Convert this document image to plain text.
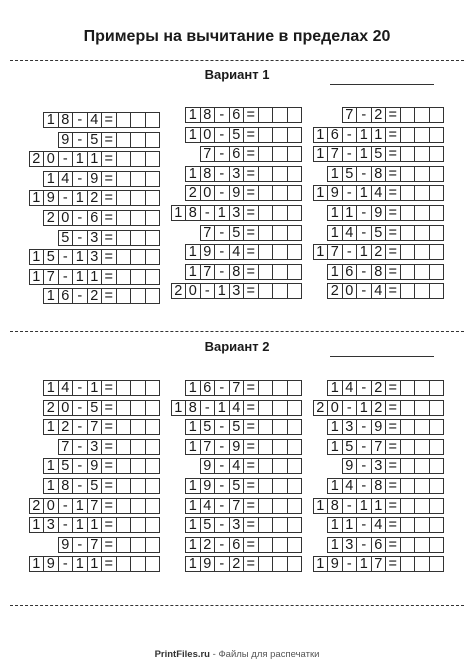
Примеры на вычитание в пределах 20
Вариант 1
1 8 - 4 =
9 - 5 =
2 0 - 1 1 =
1 4 - 9 =
1 9 - 1 2 =
2 0 - 6 =
5 - 3 =
1 5 - 1 3 =
1 7 - 1 1 =
1 6 - 2 =
1 8 - 6 =
1 0 - 5 =
7 - 6 =
1 8 - 3 =
2 0 - 9 =
1 8 - 1 3 =
7 - 5 =
1 9 - 4 =
1 7 - 8 =
2 0 - 1 3 =
7 - 2 =
1 6 - 1 1 =
1 7 - 1 5 =
1 5 - 8 =
1 9 - 1 4 =
1 1 - 9 =
1 4 - 5 =
1 7 - 1 2 =
1 6 - 8 =
2 0 - 4 =
Вариант 2
1 4 - 1 =
2 0 - 5 =
1 2 - 7 =
7 - 3 =
1 5 - 9 =
1 8 - 5 =
2 0 - 1 7 =
1 3 - 1 1 =
9 - 7 =
1 9 - 1 1 =
1 6 - 7 =
1 8 - 1 4 =
1 5 - 5 =
1 7 - 9 =
9 - 4 =
1 9 - 5 =
1 4 - 7 =
1 5 - 3 =
1 2 - 6 =
1 9 - 2 =
1 4 - 2 =
2 0 - 1 2 =
1 3 - 9 =
1 5 - 7 =
9 - 3 =
1 4 - 8 =
1 8 - 1 1 =
1 1 - 4 =
1 3 - 6 =
1 9 - 1 7 =
PrintFiles.ru - Файлы для распечатки
